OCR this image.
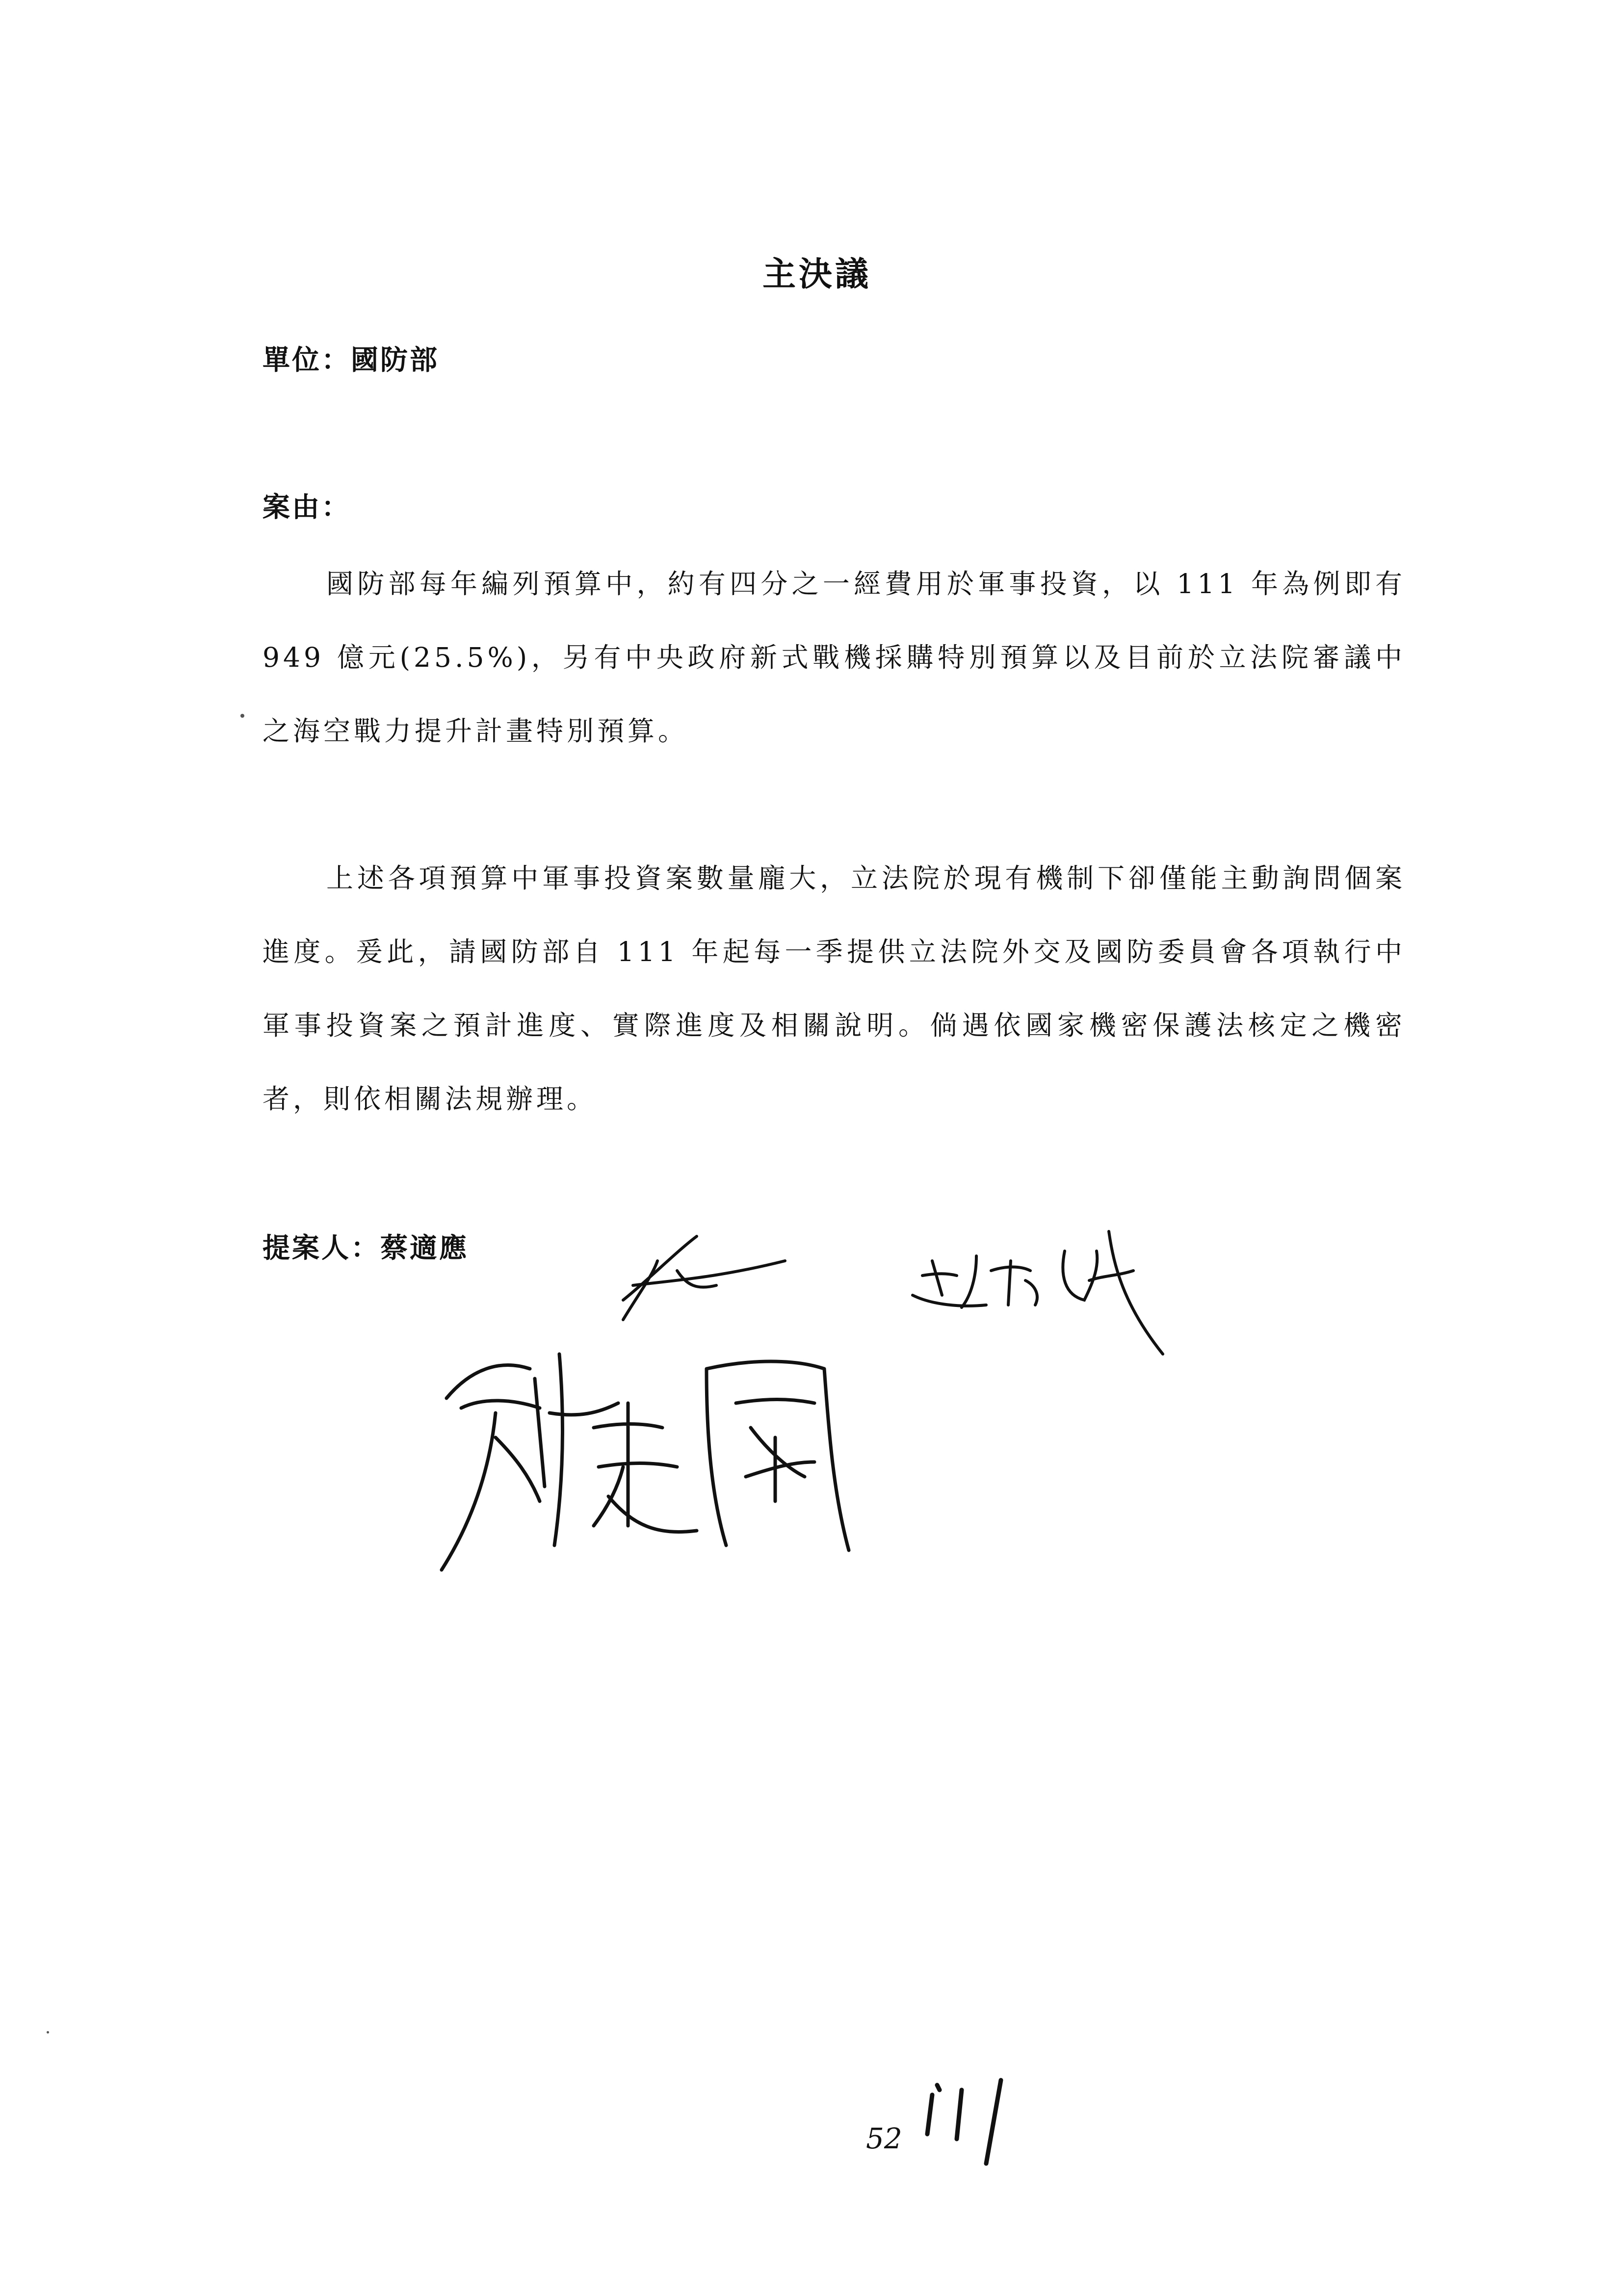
主決議
單位：國防部
案由：

國防部每年編列預算中，約有四分之一經費用於軍事投資，以 111 年為例即有 949 億元(25.5%)，另有中央政府新式戰機採購特別預算以及目前於立法院審議中之海空戰力提升計畫特別預算。

上述各項預算中軍事投資案數量龐大，立法院於現有機制下卻僅能主動詢問個案進度。爰此，請國防部自 111 年起每一季提供立法院外交及國防委員會各項執行中軍事投資案之預計進度、實際進度及相關說明。倘遇依國家機密保護法核定之機密者，則依相關法規辦理。

提案人：蔡適應
52
